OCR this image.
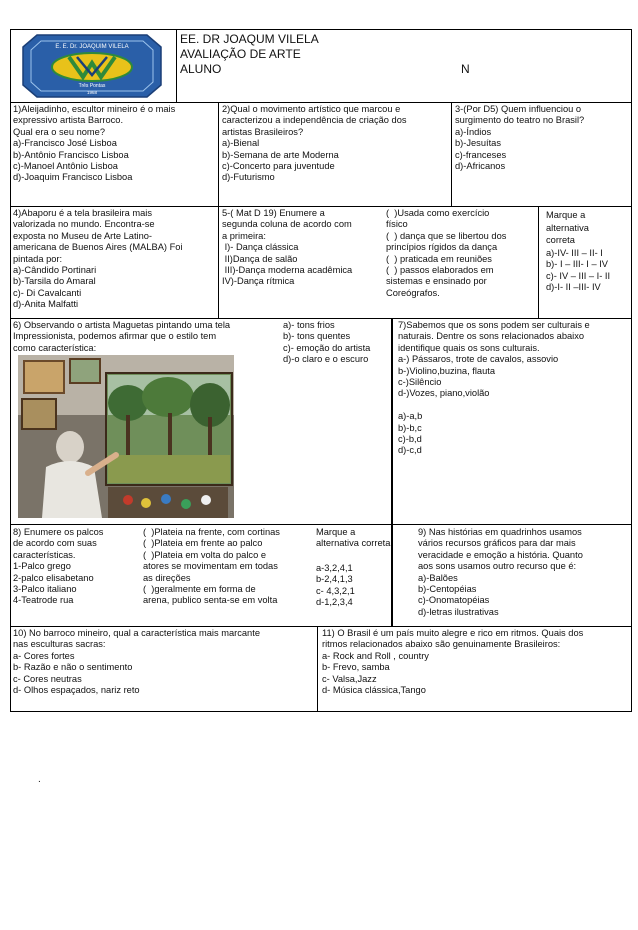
E. E. Dr. JOAQUIM VILELA
Três Pontas
1968
EE. DR JOAQUM VILELA
AVALIAÇÃO DE ARTE
ALUNO	N
1)Aleijadinho, escultor mineiro é o mais
expressivo artista Barroco.
Qual era o seu nome?
a)-Francisco José Lisboa
b)-Antônio Francisco Lisboa
c)-Manoel Antônio Lisboa
d)-Joaquim Francisco Lisboa
2)Qual o movimento artístico que marcou e
caracterizou a independência de criação dos
artistas Brasileiros?
a)-Bienal
b)-Semana de arte Moderna
c)-Concerto para juventude
d)-Futurismo
3-(Por D5) Quem influenciou o
surgimento do teatro no Brasil?
a)-Índios
b)-Jesuítas
c)-franceses
d)-Africanos
4)Abaporu é a tela brasileira mais
valorizada no mundo. Encontra-se
exposta no Museu de Arte Latino-
americana de Buenos Aires (MALBA) Foi
pintada por:
a)-Cândido Portinari
b)-Tarsila do Amaral
c)- Di Cavalcanti
d)-Anita Malfatti
5-( Mat D 19) Enumere a
segunda coluna de acordo com
a primeira:
I)- Dança clássica
II)Dança de salão
III)-Dança moderna acadêmica
IV)-Dança rítmica
(  )Usada como exercício
físico
(  ) dança que se libertou dos
princípios rígidos da dança
(  ) praticada em reuniões
(  ) passos elaborados em
sistemas e ensinado por
Coreógrafos.
Marque a
alternativa
correta
a)-IV- III – II- I
b)- I – III- I – IV
c)- IV – III – I- II
d)-I- II –III- IV
6) Observando o artista Maguetas pintando uma tela
Impressionista, podemos afirmar que o estilo tem
como característica:
a)- tons frios
b)- tons quentes
c)- emoção do artista
d)-o claro e o escuro
7)Sabemos que os sons podem ser culturais e
naturais. Dentre os sons relacionados abaixo
identifique quais os sons culturais.
a-) Pássaros, trote de cavalos, assovio
b-)Violino,buzina, flauta
c-)Silêncio
d-)Vozes, piano,violão

a)-a,b
b)-b,c
c)-b,d
d)-c,d
8) Enumere os palcos
de acordo com suas
características.
1-Palco grego
2-palco elisabetano
3-Palco italiano
4-Teatrode rua
(  )Plateia na frente, com cortinas
(  )Plateia em frente ao palco
(  )Plateia em volta do palco e
atores se movimentam em todas
as direções
(  )geralmente em forma de
arena, publico senta-se em volta
Marque a
alternativa correta
a-3,2,4,1
b-2,4,1,3
c- 4,3,2,1
d-1,2,3,4
9) Nas histórias em quadrinhos usamos
vários recursos gráficos para dar mais
veracidade e emoção a história. Quanto
aos sons usamos outro recurso que é:
a)-Balões
b)-Centopéias
c)-Onomatopéias
d)-letras ilustrativas
10) No barroco mineiro, qual a característica mais marcante
nas esculturas sacras:
a- Cores fortes
b- Razão e não o sentimento
c- Cores neutras
d- Olhos espaçados, nariz reto
11) O Brasil é um país muito alegre e rico em ritmos. Quais dos
ritmos relacionados abaixo são genuinamente Brasileiros:
a- Rock and Roll , country
b- Frevo, samba
c- Valsa,Jazz
d- Música clássica,Tango
.
